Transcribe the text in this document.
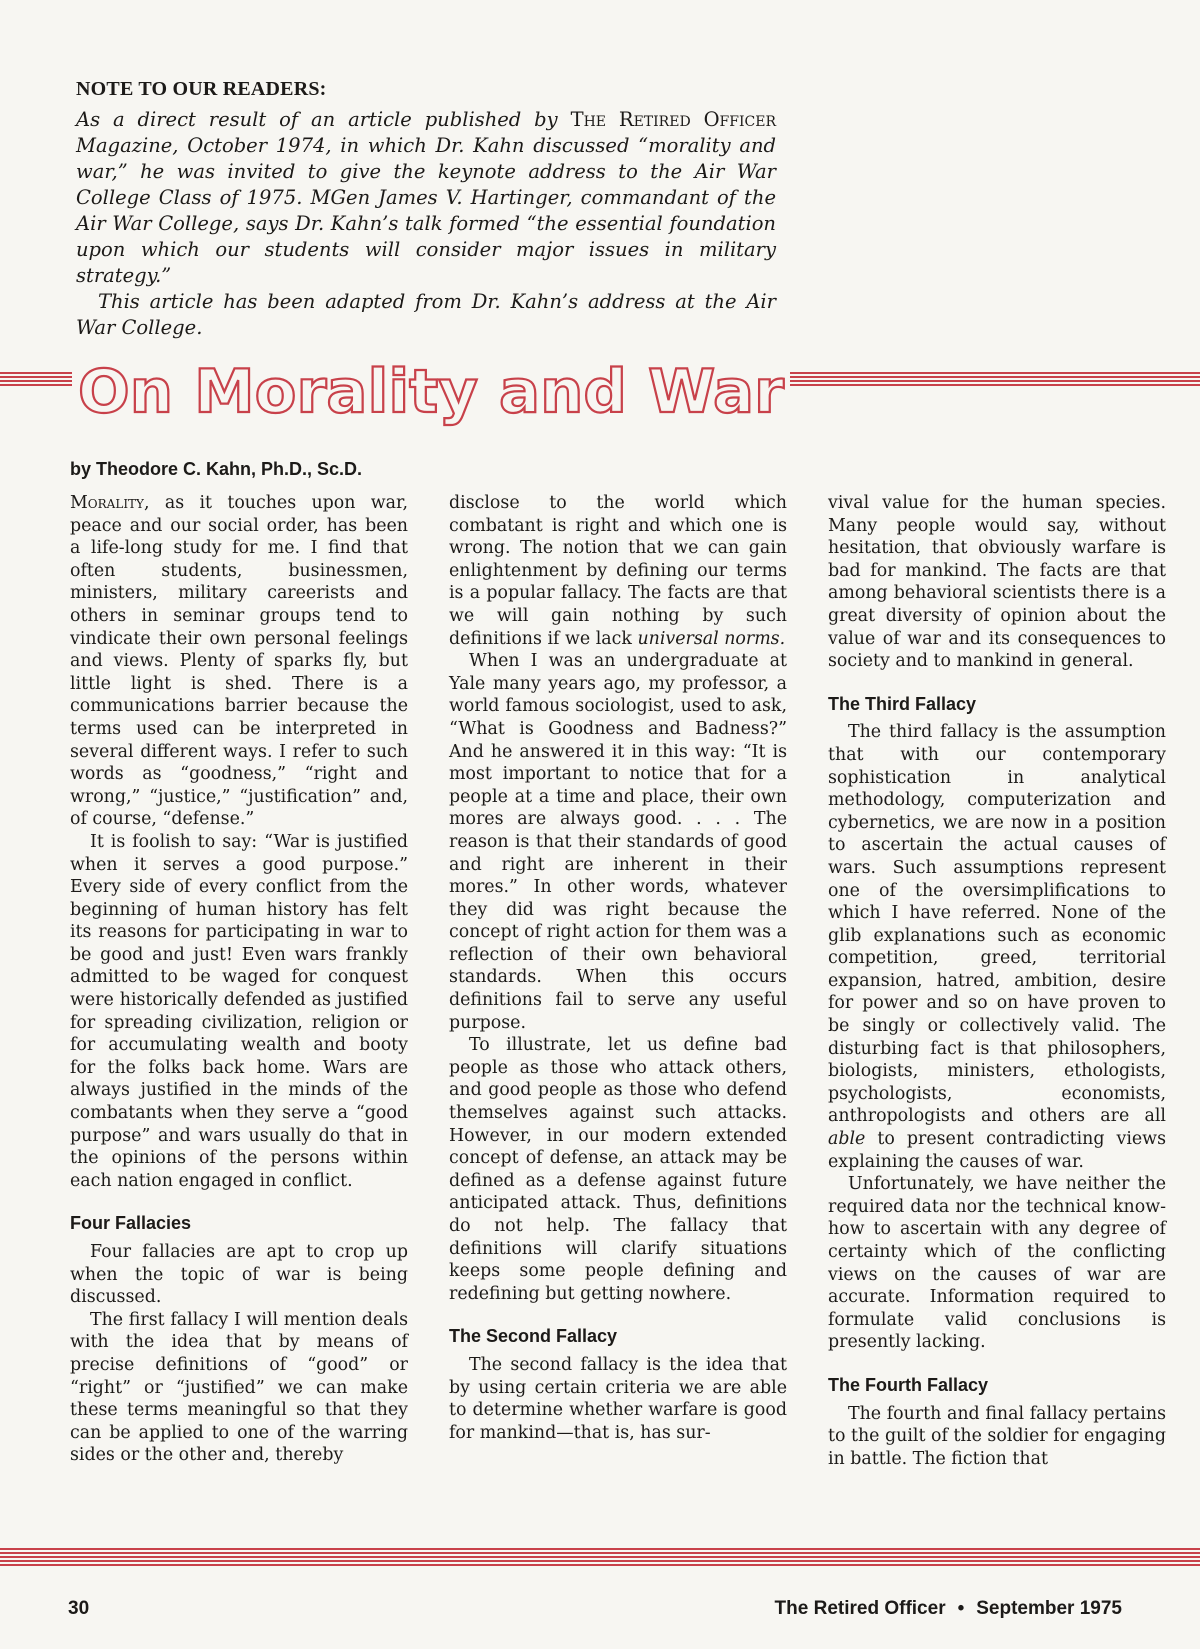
NOTE TO OUR READERS:

As a direct result of an article published by The Retired Officer Magazine, October 1974, in which Dr. Kahn discussed “morality and war,” he was invited to give the keynote address to the Air War College Class of 1975. MGen James V. Hartinger, commandant of the Air War College, says Dr. Kahn’s talk formed “the essential foundation upon which our students will consider major issues in military strategy.”

This article has been adapted from Dr. Kahn’s address at the Air War College.

On Morality and War
by Theodore C. Kahn, Ph.D., Sc.D.

Morality, as it touches upon war, peace and our social order, has been a life-long study for me. I find that often students, businessmen, ministers, military careerists and others in seminar groups tend to vindicate their own personal feelings and views. Plenty of sparks fly, but little light is shed. There is a communications barrier because the terms used can be interpreted in several different ways. I refer to such words as “goodness,” “right and wrong,” “justice,” “justification” and, of course, “defense.”

It is foolish to say: “War is justified when it serves a good purpose.” Every side of every conflict from the beginning of human history has felt its reasons for participating in war to be good and just! Even wars frankly admitted to be waged for conquest were historically defended as justified for spreading civilization, religion or for accumulating wealth and booty for the folks back home. Wars are always justified in the minds of the combatants when they serve a “good purpose” and wars usually do that in the opinions of the persons within each nation engaged in conflict.

Four Fallacies

Four fallacies are apt to crop up when the topic of war is being discussed.

The first fallacy I will mention deals with the idea that by means of precise definitions of “good” or “right” or “justified” we can make these terms meaningful so that they can be applied to one of the warring sides or the other and, thereby

disclose to the world which combatant is right and which one is wrong. The notion that we can gain enlightenment by defining our terms is a popular fallacy. The facts are that we will gain nothing by such definitions if we lack universal norms.

When I was an undergraduate at Yale many years ago, my professor, a world famous sociologist, used to ask, “What is Goodness and Badness?” And he answered it in this way: “It is most important to notice that for a people at a time and place, their own mores are always good. . . . The reason is that their standards of good and right are inherent in their mores.” In other words, whatever they did was right because the concept of right action for them was a reflection of their own behavioral standards. When this occurs definitions fail to serve any useful purpose.

To illustrate, let us define bad people as those who attack others, and good people as those who defend themselves against such attacks. However, in our modern extended concept of defense, an attack may be defined as a defense against future anticipated attack. Thus, definitions do not help. The fallacy that definitions will clarify situations keeps some people defining and redefining but getting nowhere.

The Second Fallacy

The second fallacy is the idea that by using certain criteria we are able to determine whether warfare is good for mankind—that is, has sur-

vival value for the human species. Many people would say, without hesitation, that obviously warfare is bad for mankind. The facts are that among behavioral scientists there is a great diversity of opinion about the value of war and its consequences to society and to mankind in general.

The Third Fallacy

The third fallacy is the assumption that with our contemporary sophistication in analytical methodology, computerization and cybernetics, we are now in a position to ascertain the actual causes of wars. Such assumptions represent one of the oversimplifications to which I have referred. None of the glib explanations such as economic competition, greed, territorial expansion, hatred, ambition, desire for power and so on have proven to be singly or collectively valid. The disturbing fact is that philosophers, biologists, ministers, ethologists, psychologists, economists, anthropologists and others are all able to present contradicting views explaining the causes of war.

Unfortunately, we have neither the required data nor the technical know-how to ascertain with any degree of certainty which of the conflicting views on the causes of war are accurate. Information required to formulate valid conclusions is presently lacking.

The Fourth Fallacy

The fourth and final fallacy pertains to the guilt of the soldier for engaging in battle. The fiction that

30	The Retired Officer • September 1975
